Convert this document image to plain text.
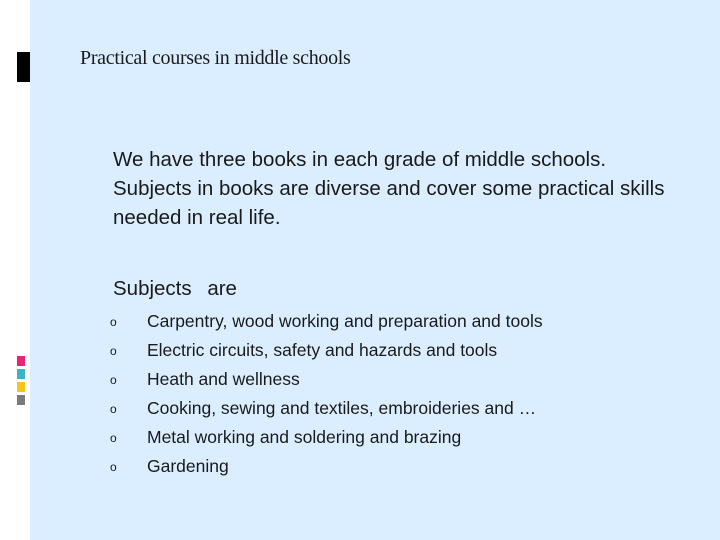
Practical courses in middle schools

We have three books in each grade of middle schools. Subjects in books are diverse and cover some practical skills needed in real life.

Subjects are

o	Carpentry, wood working and preparation and tools
o	Electric circuits, safety and hazards and tools
o	Heath and wellness
o	Cooking, sewing and textiles, embroideries and …
o	Metal working and soldering and brazing
o	Gardening
